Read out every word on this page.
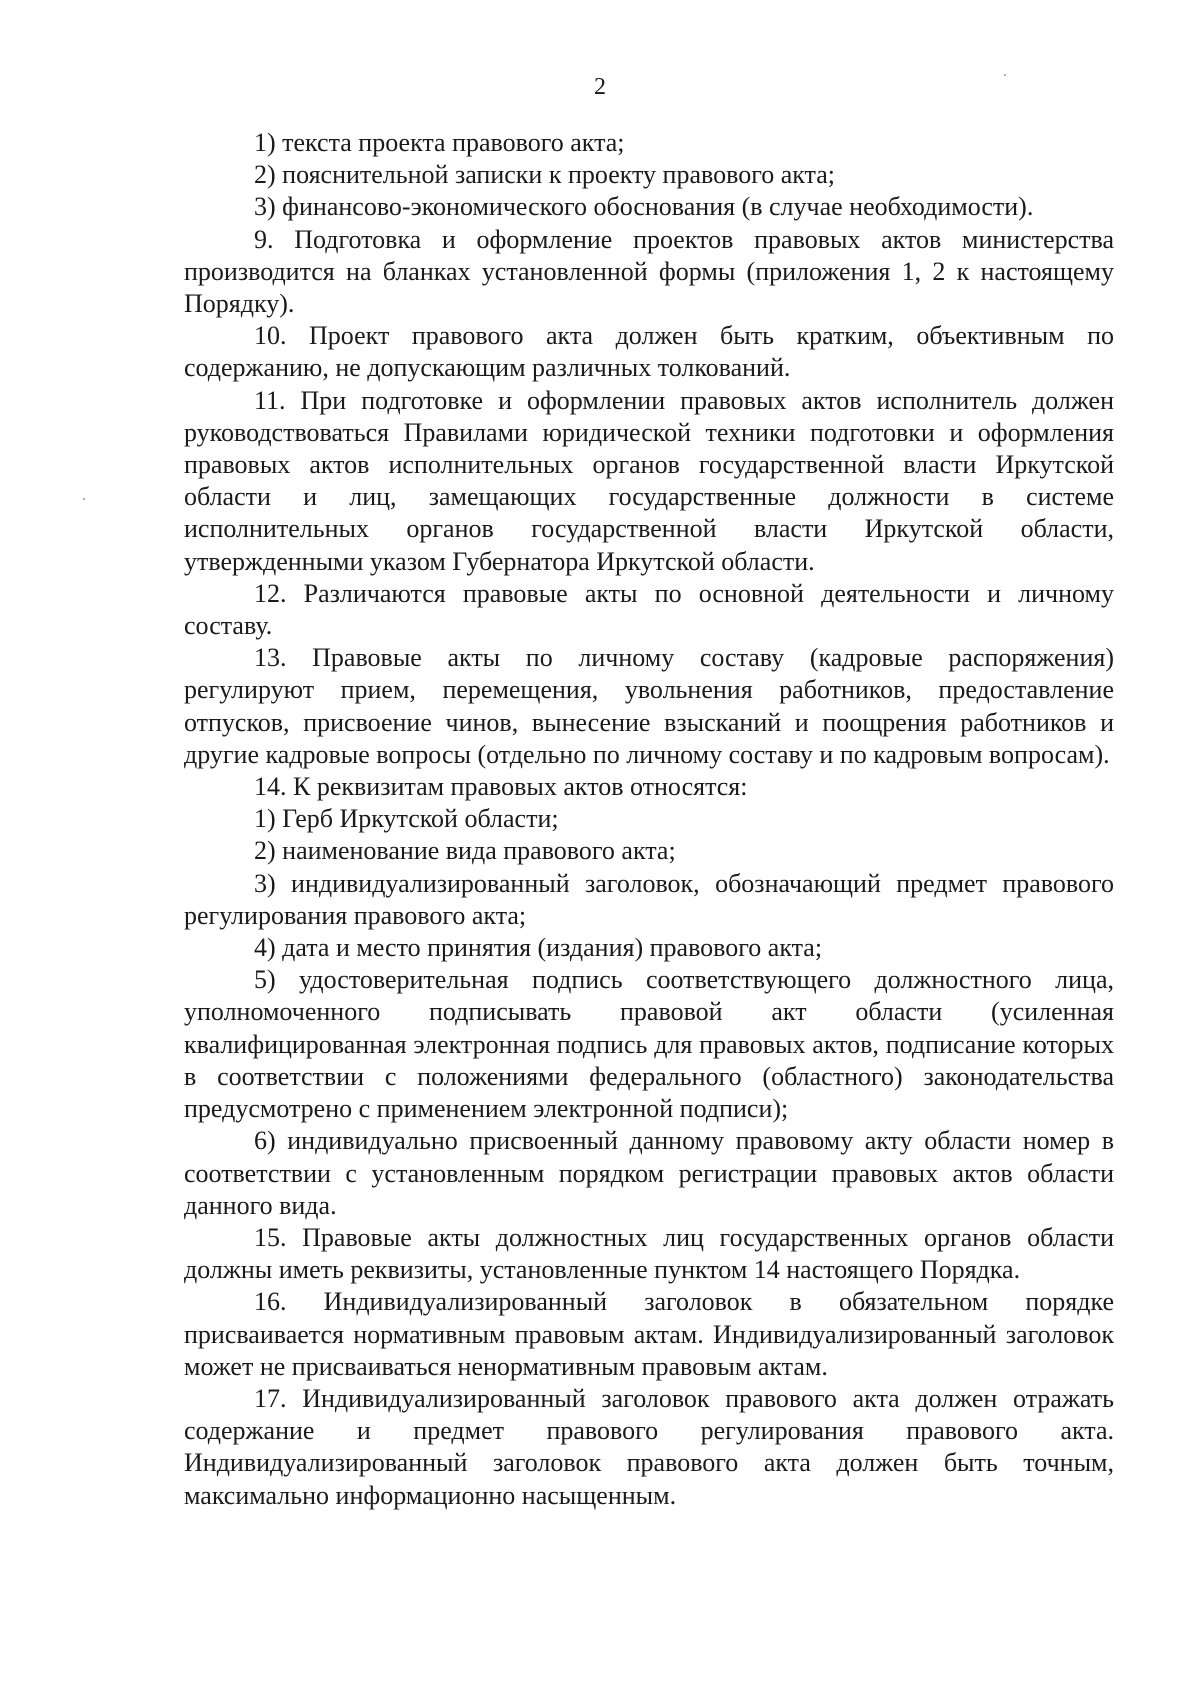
2

1) текста проекта правового акта;

2) пояснительной записки к проекту правового акта;

3) финансово-экономического обоснования (в случае необходимости).

9. Подготовка и оформление проектов правовых актов министерства производится на бланках установленной формы (приложения 1, 2 к настоящему Порядку).

10. Проект правового акта должен быть кратким, объективным по содержанию, не допускающим различных толкований.

11. При подготовке и оформлении правовых актов исполнитель должен руководствоваться Правилами юридической техники подготовки и оформления правовых актов исполнительных органов государственной власти Иркутской области и лиц, замещающих государственные должности в системе исполнительных органов государственной власти Иркутской области, утвержденными указом Губернатора Иркутской области.

12. Различаются правовые акты по основной деятельности и личному составу.

13. Правовые акты по личному составу (кадровые распоряжения) регулируют прием, перемещения, увольнения работников, предоставление отпусков, присвоение чинов, вынесение взысканий и поощрения работников и другие кадровые вопросы (отдельно по личному составу и по кадровым вопросам).

14. К реквизитам правовых актов относятся:

1) Герб Иркутской области;

2) наименование вида правового акта;

3) индивидуализированный заголовок, обозначающий предмет правового регулирования правового акта;

4) дата и место принятия (издания) правового акта;

5) удостоверительная подпись соответствующего должностного лица, уполномоченного подписывать правовой акт области (усиленная квалифицированная электронная подпись для правовых актов, подписание которых в соответствии с положениями федерального (областного) законодательства предусмотрено с применением электронной подписи);

6) индивидуально присвоенный данному правовому акту области номер в соответствии с установленным порядком регистрации правовых актов области данного вида.

15. Правовые акты должностных лиц государственных органов области должны иметь реквизиты, установленные пунктом 14 настоящего Порядка.

16. Индивидуализированный заголовок в обязательном порядке присваивается нормативным правовым актам. Индивидуализированный заголовок может не присваиваться ненормативным правовым актам.

17. Индивидуализированный заголовок правового акта должен отражать содержание и предмет правового регулирования правового акта. Индивидуализированный заголовок правового акта должен быть точным, максимально информационно насыщенным.
